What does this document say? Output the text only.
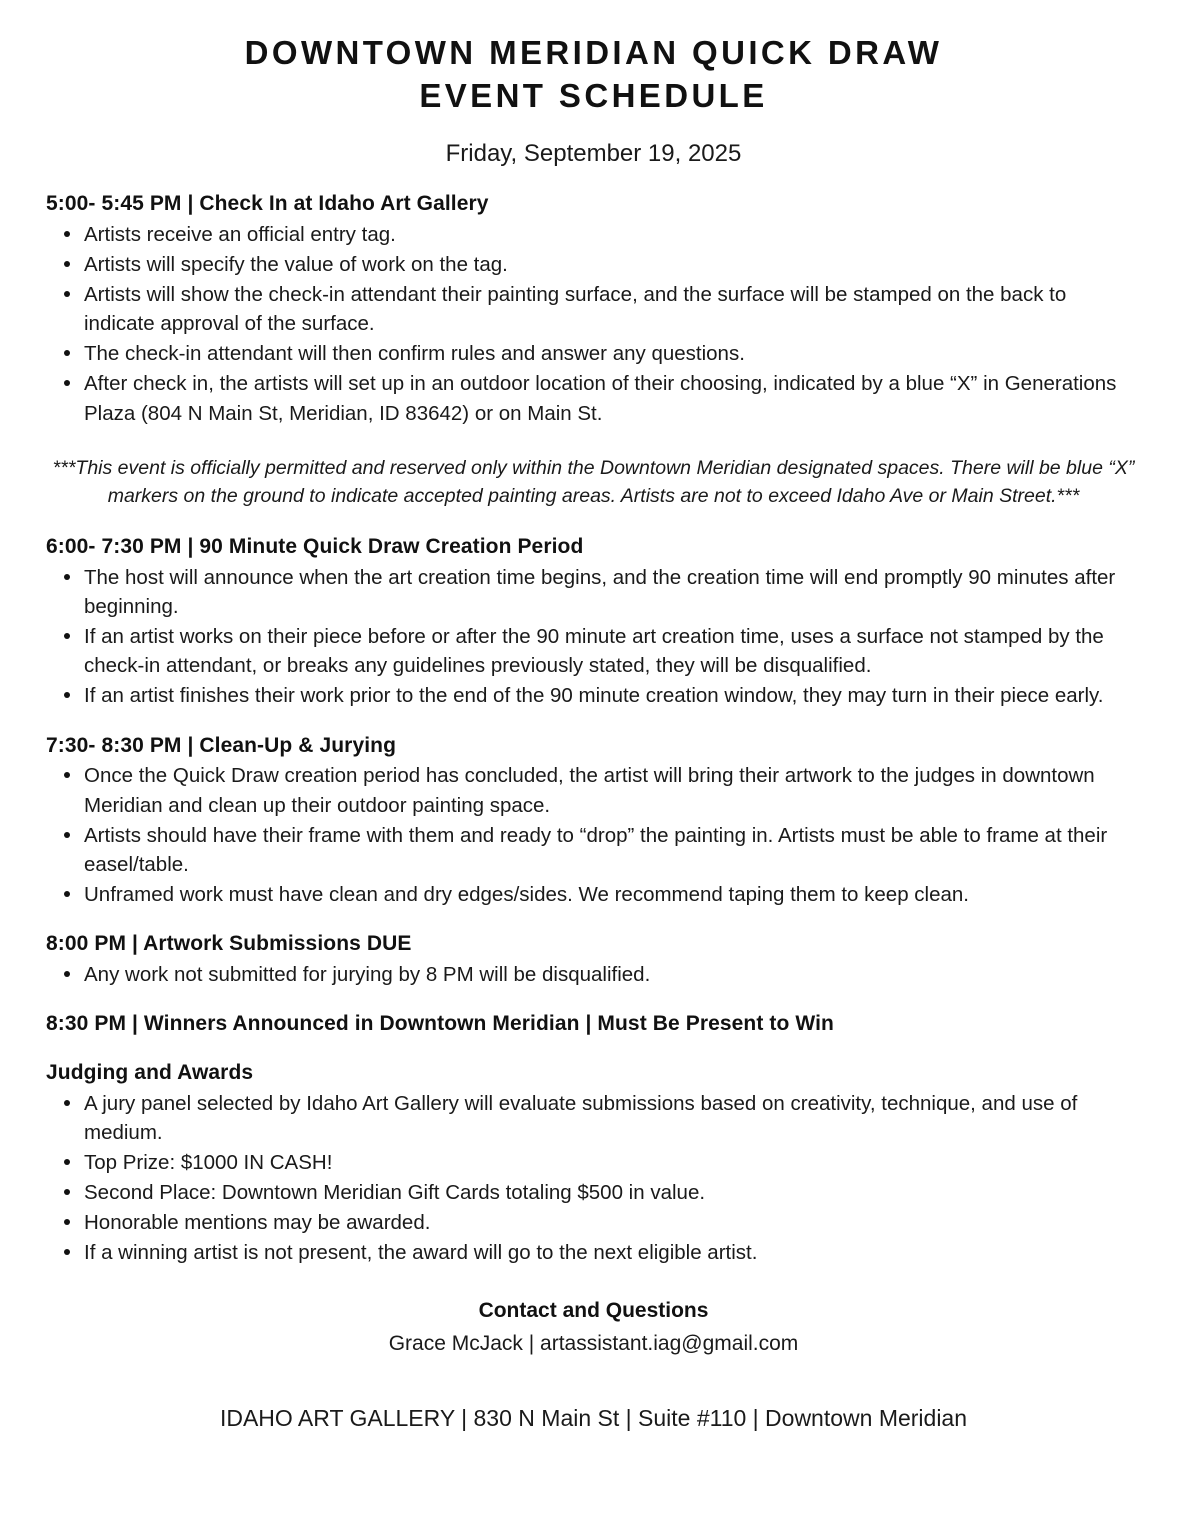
DOWNTOWN MERIDIAN QUICK DRAW
EVENT SCHEDULE

Friday, September 19, 2025

5:00- 5:45 PM | Check In at Idaho Art Gallery
Artists receive an official entry tag.
Artists will specify the value of work on the tag.
Artists will show the check-in attendant their painting surface, and the surface will be stamped on the back to indicate approval of the surface.
The check-in attendant will then confirm rules and answer any questions.
After check in, the artists will set up in an outdoor location of their choosing, indicated by a blue “X” in Generations Plaza (804 N Main St, Meridian, ID 83642) or on Main St.

***This event is officially permitted and reserved only within the Downtown Meridian designated spaces. There will be blue “X” markers on the ground to indicate accepted painting areas. Artists are not to exceed Idaho Ave or Main Street.***

6:00- 7:30 PM | 90 Minute Quick Draw Creation Period
The host will announce when the art creation time begins, and the creation time will end promptly 90 minutes after beginning.
If an artist works on their piece before or after the 90 minute art creation time, uses a surface not stamped by the check-in attendant, or breaks any guidelines previously stated, they will be disqualified.
If an artist finishes their work prior to the end of the 90 minute creation window, they may turn in their piece early.
7:30- 8:30 PM | Clean-Up & Jurying
Once the Quick Draw creation period has concluded, the artist will bring their artwork to the judges in downtown Meridian and clean up their outdoor painting space.
Artists should have their frame with them and ready to “drop” the painting in. Artists must be able to frame at their easel/table.
Unframed work must have clean and dry edges/sides. We recommend taping them to keep clean.
8:00 PM | Artwork Submissions DUE
Any work not submitted for jurying by 8 PM will be disqualified.
8:30 PM | Winners Announced in Downtown Meridian | Must Be Present to Win
Judging and Awards
A jury panel selected by Idaho Art Gallery will evaluate submissions based on creativity, technique, and use of medium.
Top Prize: $1000 IN CASH!
Second Place: Downtown Meridian Gift Cards totaling $500 in value.
Honorable mentions may be awarded.
If a winning artist is not present, the award will go to the next eligible artist.
Contact and Questions
Grace McJack | artassistant.iag@gmail.com
IDAHO ART GALLERY | 830 N Main St | Suite #110 | Downtown Meridian
